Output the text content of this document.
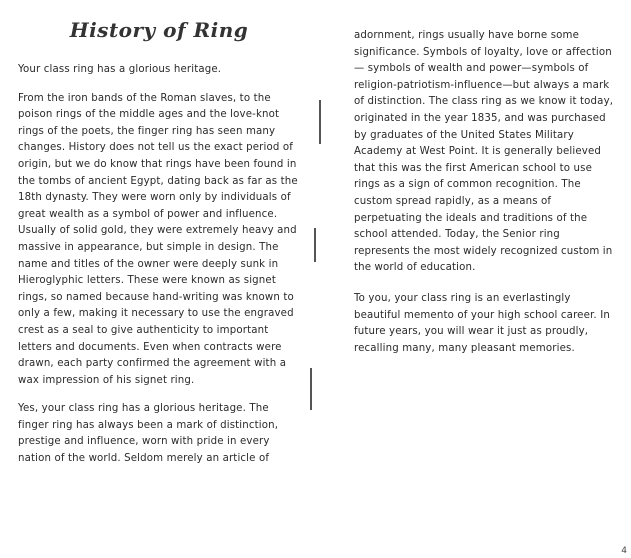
History of Ring

Your class ring has a glorious heritage.

From the iron bands of the Roman slaves, to the poison rings of the middle ages and the love-knot rings of the poets, the finger ring has seen many changes. History does not tell us the exact period of origin, but we do know that rings have been found in the tombs of ancient Egypt, dating back as far as the 18th dynasty. They were worn only by individuals of great wealth as a symbol of power and influence. Usually of solid gold, they were extremely heavy and massive in appearance, but simple in design. The name and titles of the owner were deeply sunk in Hieroglyphic letters. These were known as signet rings, so named because hand-writing was known to only a few, making it necessary to use the engraved crest as a seal to give authenticity to important letters and documents. Even when contracts were drawn, each party confirmed the agreement with a wax impression of his signet ring.

Yes, your class ring has a glorious heritage. The finger ring has always been a mark of distinction, prestige and influence, worn with pride in every nation of the world. Seldom merely an article of

adornment, rings usually have borne some significance. Symbols of loyalty, love or affection — symbols of wealth and power—symbols of religion-patriotism-influence—but always a mark of distinction. The class ring as we know it today, originated in the year 1835, and was purchased by graduates of the United States Military Academy at West Point. It is generally believed that this was the first American school to use rings as a sign of common recognition. The custom spread rapidly, as a means of perpetuating the ideals and traditions of the school attended. Today, the Senior ring represents the most widely recognized custom in the world of education.

To you, your class ring is an everlastingly beautiful memento of your high school career. In future years, you will wear it just as proudly, recalling many, many pleasant memories.

4
